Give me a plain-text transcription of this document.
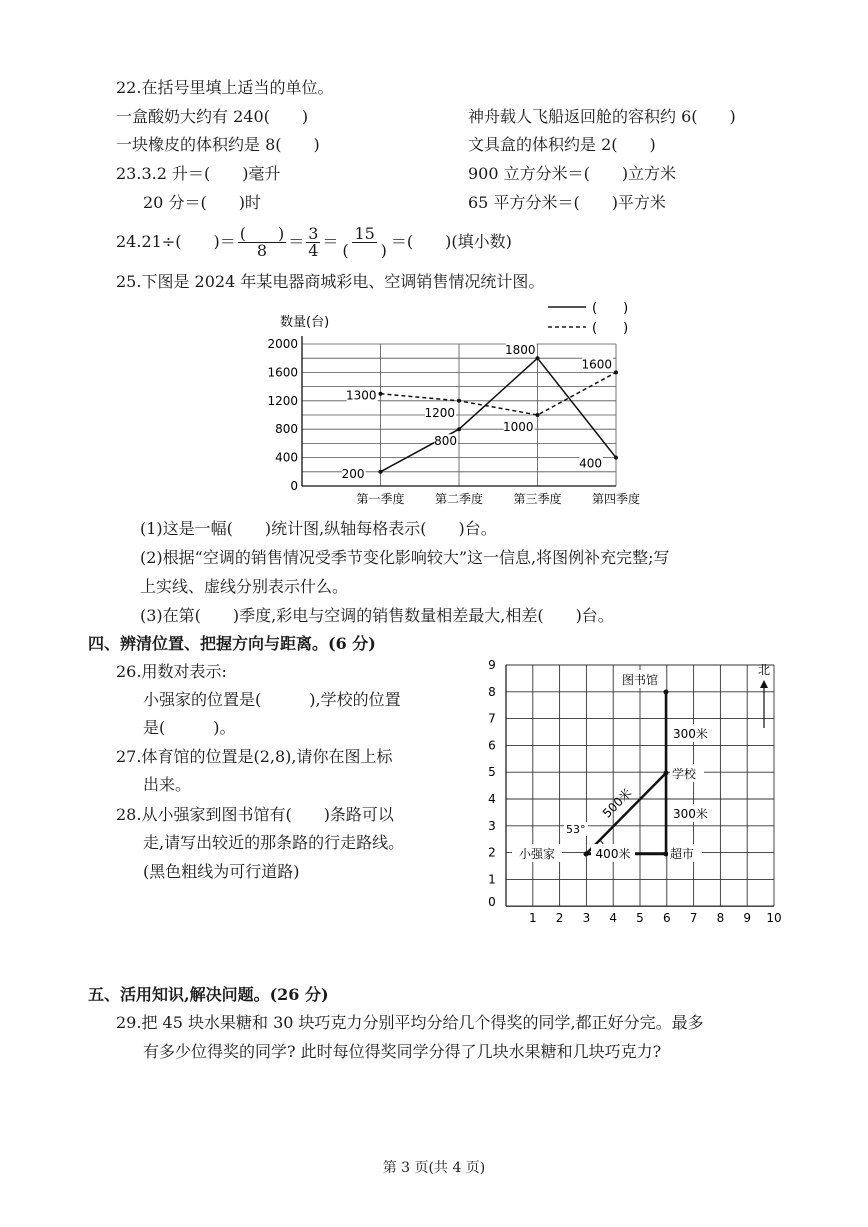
22.在括号里填上适当的单位。
一盒酸奶大约有 240(　　)	神舟载人飞船返回舱的容积约 6(　　)
一块橡皮的体积约是 8(　　)	文具盒的体积约是 2(　　)
23.3.2 升＝(　　)毫升	900 立方分米＝(　　)立方米
20 分＝(　　)时	65 平方分米＝(　　)平方米
24.21÷(　　)＝ $\frac{( )}{8} = \frac{3}{4} = \frac{15}{( )}$ ＝(　　)(填小数)
25.下图是 2024 年某电器商城彩电、空调销售情况统计图。
(　　)
(　　)
数量(台)
0
400
800
1200
1600
2000
第一季度	第二季度	第三季度	第四季度
200
800
1800
400
1300
1200
1000
1600
(1)这是一幅(　　)统计图,纵轴每格表示(　　)台。
(2)根据“空调的销售情况受季节变化影响较大”这一信息,将图例补充完整;写
上实线、虚线分别表示什么。
(3)在第(　　)季度,彩电与空调的销售数量相差最大,相差(　　)台。
四、辨清位置、把握方向与距离。(6 分)
26.用数对表示:
小强家的位置是(　　　),学校的位置
是(　　　)。
27.体育馆的位置是(2,8),请你在图上标
出来。
28.从小强家到图书馆有(　　)条路可以
走,请写出较近的那条路的行走路线。
(黑色粗线为可行道路)
1 2 3 4 5 6 7 8 9 10
0
1
2
3
4
5
6
7
8
9
图书馆
学校
小强家	超市
300米
300米
400米
500米
53°
北
五、活用知识,解决问题。(26 分)
29.把 45 块水果糖和 30 块巧克力分别平均分给几个得奖的同学,都正好分完。最多
有多少位得奖的同学? 此时每位得奖同学分得了几块水果糖和几块巧克力?
第 3 页(共 4 页)
